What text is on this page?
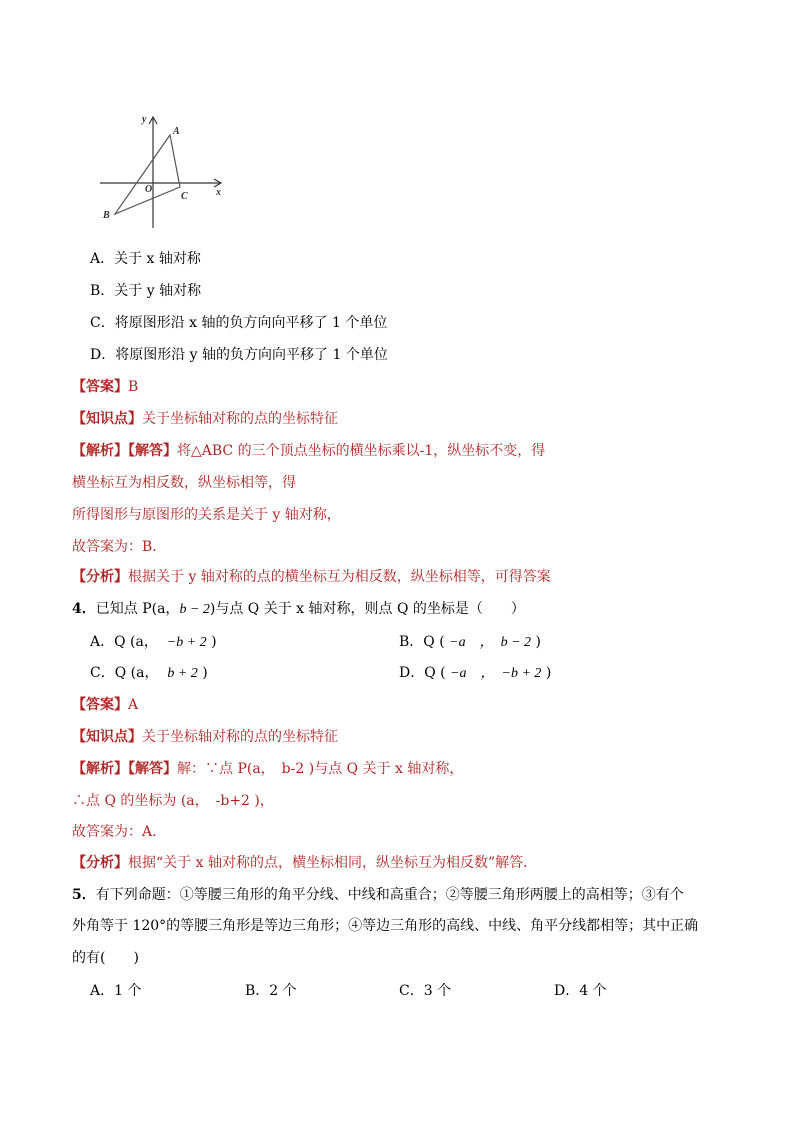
y
x
A
O
B
C
A．关于 x 轴对称
B．关于 y 轴对称
C．将原图形沿 x 轴的负方向向平移了 1 个单位
D．将原图形沿 y 轴的负方向向平移了 1 个单位
【答案】B
【知识点】关于坐标轴对称的点的坐标特征
【解析】【解答】将△ABC 的三个顶点坐标的横坐标乘以-1，纵坐标不变，得
横坐标互为相反数，纵坐标相等，得
所得图形与原图形的关系是关于 y 轴对称，
故答案为：B.
【分析】根据关于 y 轴对称的点的横坐标互为相反数，纵坐标相等，可得答案
4．已知点 P(a，b − 2)与点 Q 关于 x 轴对称，则点 Q 的坐标是（　　）
A．Q (a， −b + 2 )	B．Q ( −a　，　b − 2 )
C．Q (a， b + 2 )	D．Q ( −a　，　−b + 2 )
【答案】A
【知识点】关于坐标轴对称的点的坐标特征
【解析】【解答】解：∵点 P(a，　b-2 )与点 Q 关于 x 轴对称，
∴点 Q 的坐标为 (a，　-b+2 )，
故答案为：A．
【分析】根据“关于 x 轴对称的点，横坐标相同，纵坐标互为相反数”解答．
5．有下列命题：①等腰三角形的角平分线、中线和高重合；②等腰三角形两腰上的高相等；③有个
外角等于 120°的等腰三角形是等边三角形；④等边三角形的高线、中线、角平分线都相等；其中正确
的有(　　)
A．1 个	B．2 个	C．3 个	D．4 个
